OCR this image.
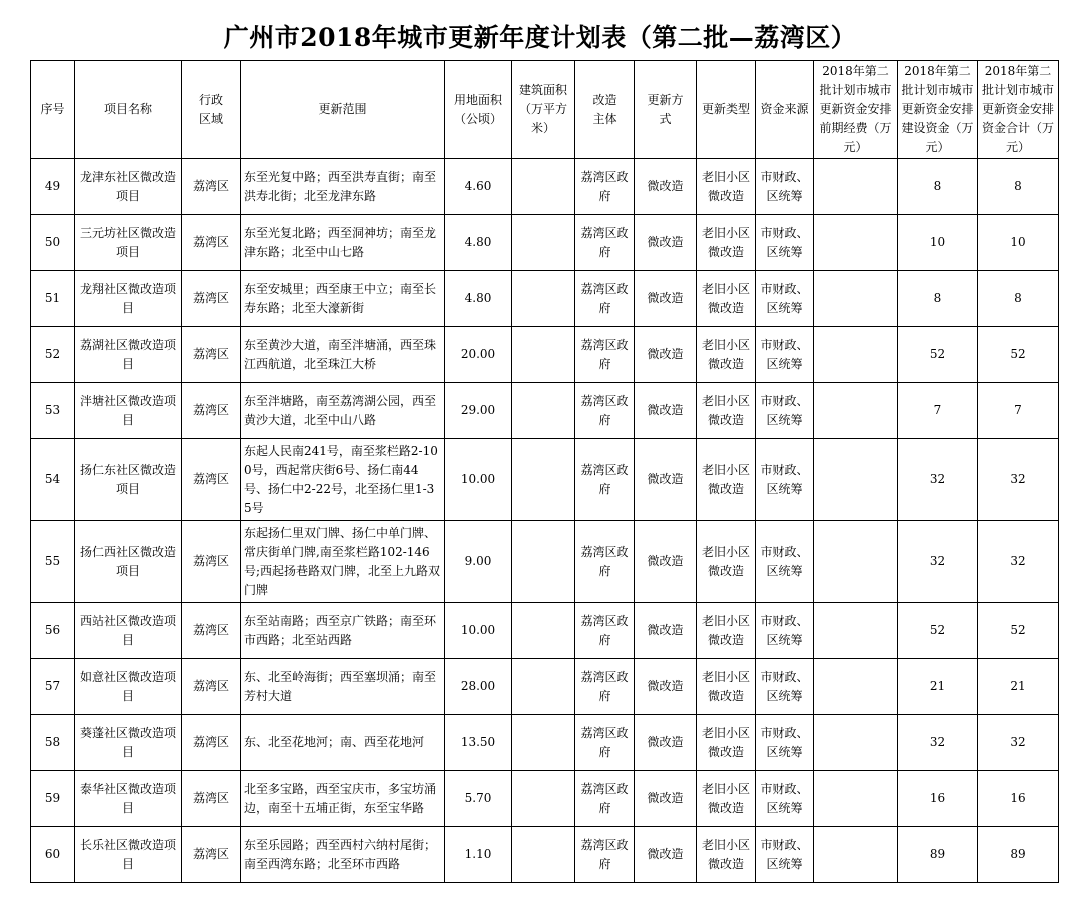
广州市2018年城市更新年度计划表（第二批—荔湾区）
序号	项目名称	行政区域	更新范围	用地面积（公顷）	建筑面积（万平方米）	改造主体	更新方式	更新类型	资金来源	2018年第二批计划市城市更新资金安排前期经费（万元）	2018年第二批计划市城市更新资金安排建设资金（万元）	2018年第二批计划市城市更新资金安排资金合计（万元）
49	龙津东社区微改造项目	荔湾区	东至光复中路；西至洪寿直街；南至洪寿北街；北至龙津东路	4.60		荔湾区政府	微改造	老旧小区微改造	市财政、区统筹		8	8
50	三元坊社区微改造项目	荔湾区	东至光复北路；西至洞神坊；南至龙津东路；北至中山七路	4.80		荔湾区政府	微改造	老旧小区微改造	市财政、区统筹		10	10
51	龙翔社区微改造项目	荔湾区	东至安城里；西至康王中立；南至长寿东路；北至大濠新街	4.80		荔湾区政府	微改造	老旧小区微改造	市财政、区统筹		8	8
52	荔湖社区微改造项目	荔湾区	东至黄沙大道，南至泮塘涌，西至珠江西航道，北至珠江大桥	20.00		荔湾区政府	微改造	老旧小区微改造	市财政、区统筹		52	52
53	泮塘社区微改造项目	荔湾区	东至泮塘路，南至荔湾湖公园，西至黄沙大道，北至中山八路	29.00		荔湾区政府	微改造	老旧小区微改造	市财政、区统筹		7	7
54	扬仁东社区微改造项目	荔湾区	东起人民南241号，南至浆栏路2-100号，西起常庆街6号、扬仁南44号、扬仁中2-22号，北至扬仁里1-35号	10.00		荔湾区政府	微改造	老旧小区微改造	市财政、区统筹		32	32
55	扬仁西社区微改造项目	荔湾区	东起扬仁里双门牌、扬仁中单门牌、常庆街单门牌,南至浆栏路102-146号;西起扬巷路双门牌，北至上九路双门牌	9.00		荔湾区政府	微改造	老旧小区微改造	市财政、区统筹		32	32
56	西站社区微改造项目	荔湾区	东至站南路；西至京广铁路；南至环市西路；北至站西路	10.00		荔湾区政府	微改造	老旧小区微改造	市财政、区统筹		52	52
57	如意社区微改造项目	荔湾区	东、北至岭海街；西至塞坝涌；南至芳村大道	28.00		荔湾区政府	微改造	老旧小区微改造	市财政、区统筹		21	21
58	葵蓬社区微改造项目	荔湾区	东、北至花地河；南、西至花地河	13.50		荔湾区政府	微改造	老旧小区微改造	市财政、区统筹		32	32
59	泰华社区微改造项目	荔湾区	北至多宝路，西至宝庆市，多宝坊涌边，南至十五埔正街，东至宝华路	5.70		荔湾区政府	微改造	老旧小区微改造	市财政、区统筹		16	16
60	长乐社区微改造项目	荔湾区	东至乐园路；西至西村六纳村尾街；南至西湾东路；北至环市西路	1.10		荔湾区政府	微改造	老旧小区微改造	市财政、区统筹		89	89
